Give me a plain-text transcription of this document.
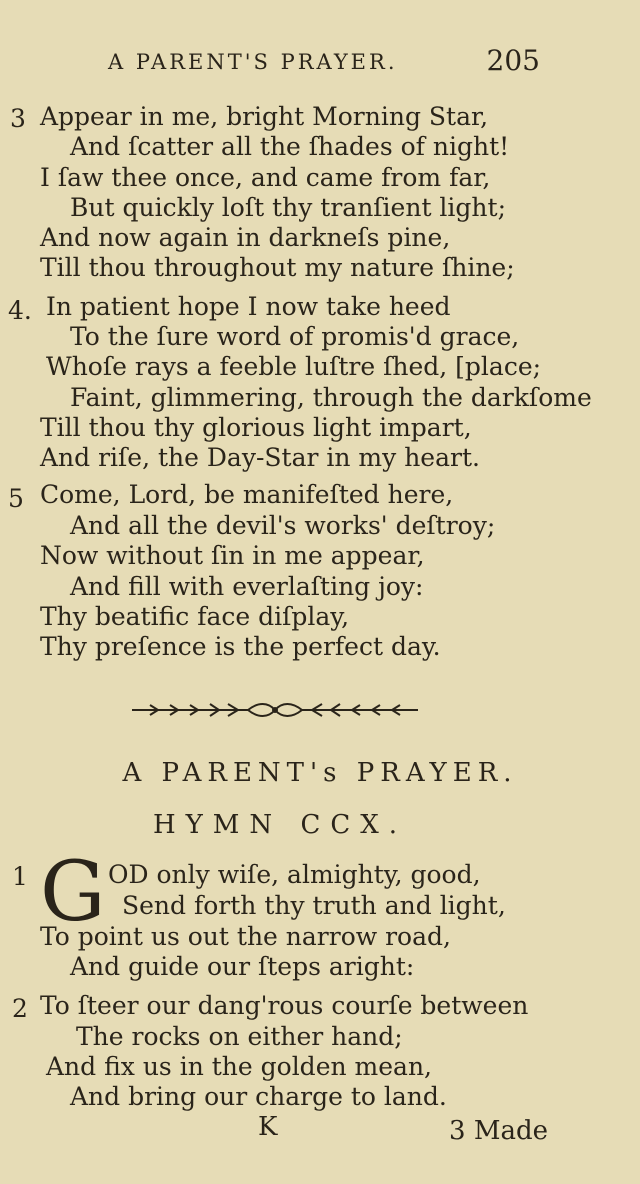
A PARENT'S PRAYER.	205
3 Appear in me, bright Morning Star,
And ſcatter all the ſhades of night!
I ſaw thee once, and came from far,
But quickly loſt thy tranſient light;
And now again in darkneſs pine,
Till thou throughout my nature ſhine;
4. In patient hope I now take heed
To the ſure word of promis'd grace,
Whoſe rays a feeble luſtre ſhed, [place;
Faint, glimmering, through the darkſome
Till thou thy glorious light impart,
And riſe, the Day-Star in my heart.
5 Come, Lord, be manifeſted here,
And all the devil's works' deſtroy;
Now without ſin in me appear,
And fill with everlaſting joy:
Thy beatific face diſplay,
Thy preſence is the perfect day.
A PARENT's PRAYER.
HYMN CCX.
1 G OD only wiſe, almighty, good,
Send forth thy truth and light,
To point us out the narrow road,
And guide our ſteps aright:
2 To ſteer our dang'rous courſe between
The rocks on either hand;
And fix us in the golden mean,
And bring our charge to land.
K	3 Made
